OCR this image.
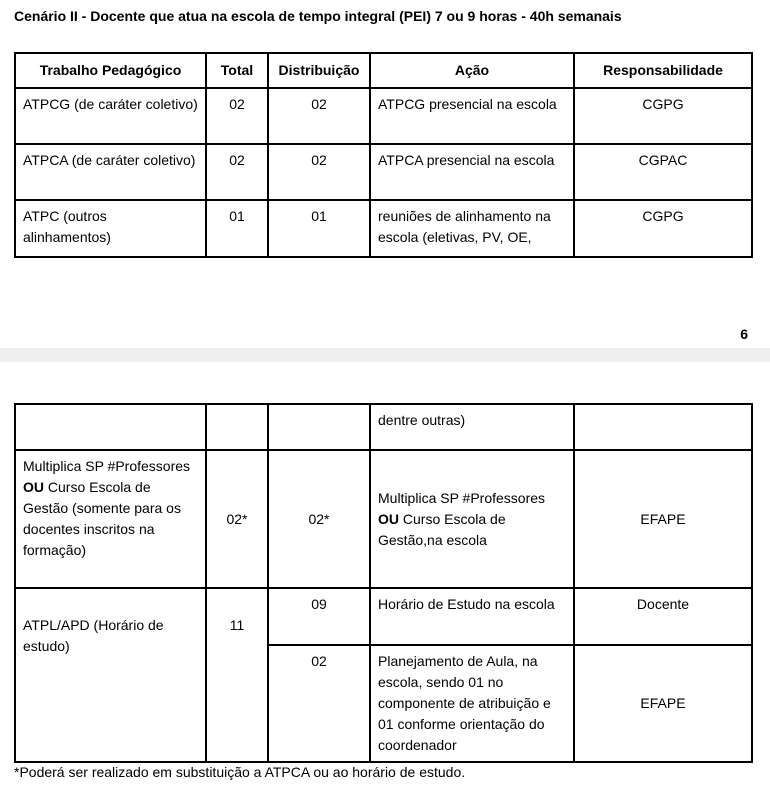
Cenário II - Docente que atua na escola de tempo integral (PEI) 7 ou 9 horas - 40h semanais
Trabalho Pedagógico	Total	Distribuição	Ação	Responsabilidade
ATPCG (de caráter coletivo)	02	02	ATPCG presencial na escola	CGPG
ATPCA (de caráter coletivo)	02	02	ATPCA presencial na escola	CGPAC
ATPC (outros alinhamentos)	01	01	reuniões de alinhamento na escola (eletivas, PV, OE,	CGPG
6
			dentre outras)	
Multiplica SP #Professores OU Curso Escola de Gestão (somente para os docentes inscritos na formação)	02*	02*	Multiplica SP #Professores OU Curso Escola de Gestão,na escola	EFAPE
ATPL/APD (Horário de estudo)	11	09	Horário de Estudo na escola	Docente
		02	Planejamento de Aula, na escola, sendo 01 no componente de atribuição e 01 conforme orientação do coordenador	EFAPE
*Poderá ser realizado em substituição a ATPCA ou ao horário de estudo.
